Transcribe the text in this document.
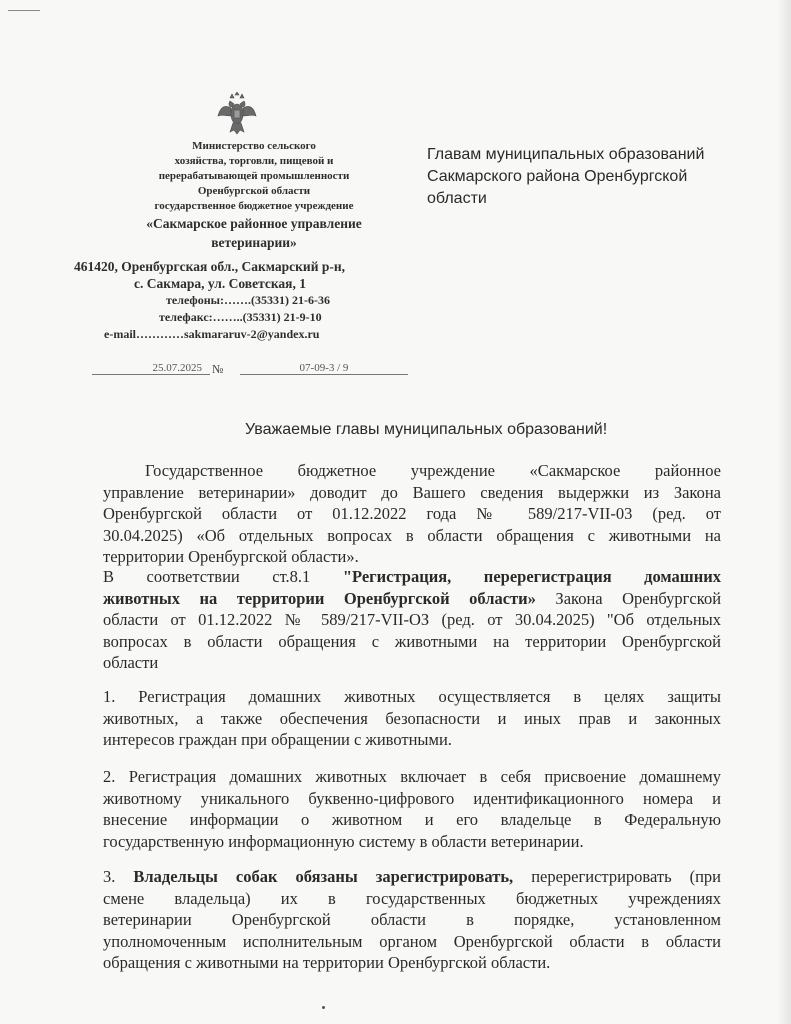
Министерство сельского
хозяйства, торговли, пищевой и
перерабатывающей промышленности
Оренбургской области
государственное бюджетное учреждение
«Сакмарское районное управление
ветеринарии»
461420, Оренбургская обл., Сакмарский р-н,
с. Сакмара, ул. Советская, 1
телефоны:…….(35331) 21-6-36
телефакс:……..(35331) 21-9-10
e-mail…………sakmararuv-2@yandex.ru
25.07.2025 №	07-09-3 / 9
Главам муниципальных образований
Сакмарского района Оренбургской
области
Уважаемые главы муниципальных образований!
Государственное бюджетное учреждение «Сакмарское районное
управление ветеринарии» доводит до Вашего сведения выдержки из Закона
Оренбургской области от 01.12.2022 года № 589/217-VII-03 (ред. от
30.04.2025) «Об отдельных вопросах в области обращения с животными на
территории Оренбургской области».
В соответствии ст.8.1 "Регистрация, перерегистрация домашних
животных на территории Оренбургской области» Закона Оренбургской
области от 01.12.2022 № 589/217-VII-ОЗ (ред. от 30.04.2025) "Об отдельных
вопросах в области обращения с животными на территории Оренбургской
области
1. Регистрация домашних животных осуществляется в целях защиты
животных, а также обеспечения безопасности и иных прав и законных
интересов граждан при обращении с животными.
2. Регистрация домашних животных включает в себя присвоение домашнему
животному уникального буквенно-цифрового идентификационного номера и
внесение информации о животном и его владельце в Федеральную
государственную информационную систему в области ветеринарии.
3. Владельцы собак обязаны зарегистрировать, перерегистрировать (при
смене владельца) их в государственных бюджетных учреждениях
ветеринарии Оренбургской области в порядке, установленном
уполномоченным исполнительным органом Оренбургской области в области
обращения с животными на территории Оренбургской области.
